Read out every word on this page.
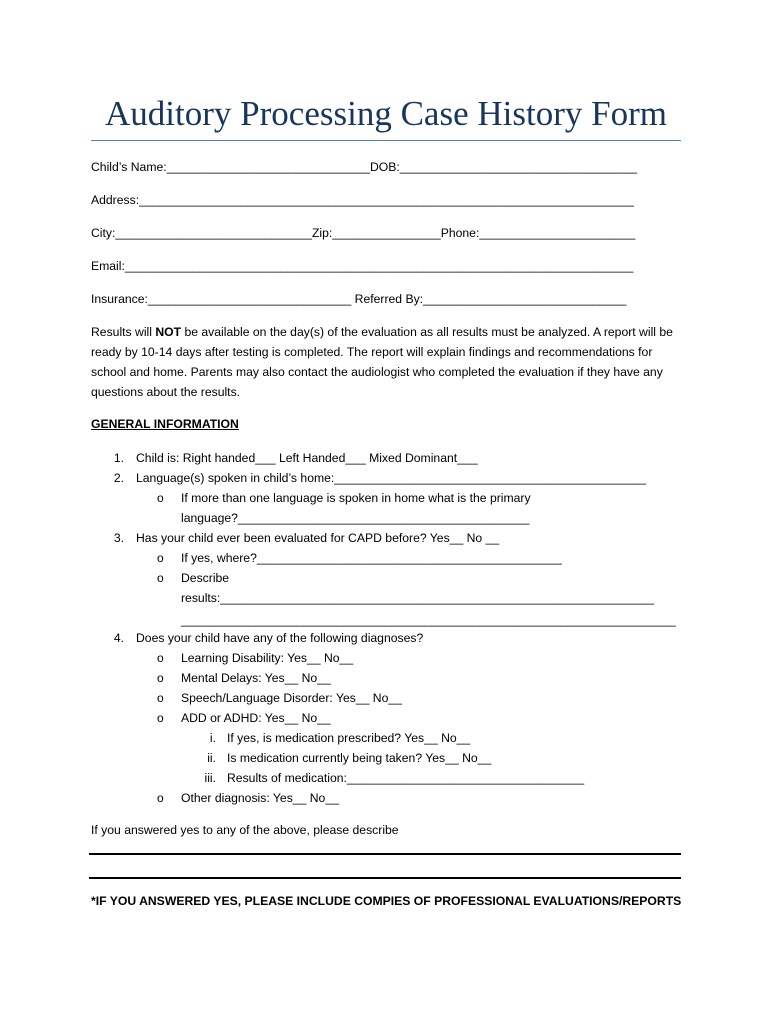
Auditory Processing Case History Form
Child’s Name:______________________________DOB:___________________________________
Address:_________________________________________________________________________
City:_____________________________Zip:________________Phone:_______________________
Email:___________________________________________________________________________
Insurance:______________________________ Referred By:______________________________
Results will NOT be available on the day(s) of the evaluation as all results must be analyzed. A report will be ready by 10-14 days after testing is completed. The report will explain findings and recommendations for school and home. Parents may also contact the audiologist who completed the evaluation if they have any questions about the results.
GENERAL INFORMATION
1. Child is: Right handed___ Left Handed___ Mixed Dominant___
2. Language(s) spoken in child’s home:______________________________________________
o If more than one language is spoken in home what is the primary
language?___________________________________________
3. Has your child ever been evaluated for CAPD before? Yes__ No __
o If yes, where?_____________________________________________
o Describe
results:________________________________________________________________
_________________________________________________________________________
4. Does your child have any of the following diagnoses?
o Learning Disability: Yes__ No__
o Mental Delays: Yes__ No__
o Speech/Language Disorder: Yes__ No__
o ADD or ADHD: Yes__ No__
i. If yes, is medication prescribed? Yes__ No__
ii. Is medication currently being taken? Yes__ No__
iii. Results of medication:___________________________________
o Other diagnosis: Yes__ No__
If you answered yes to any of the above, please describe
*IF YOU ANSWERED YES, PLEASE INCLUDE COMPIES OF PROFESSIONAL EVALUATIONS/REPORTS
